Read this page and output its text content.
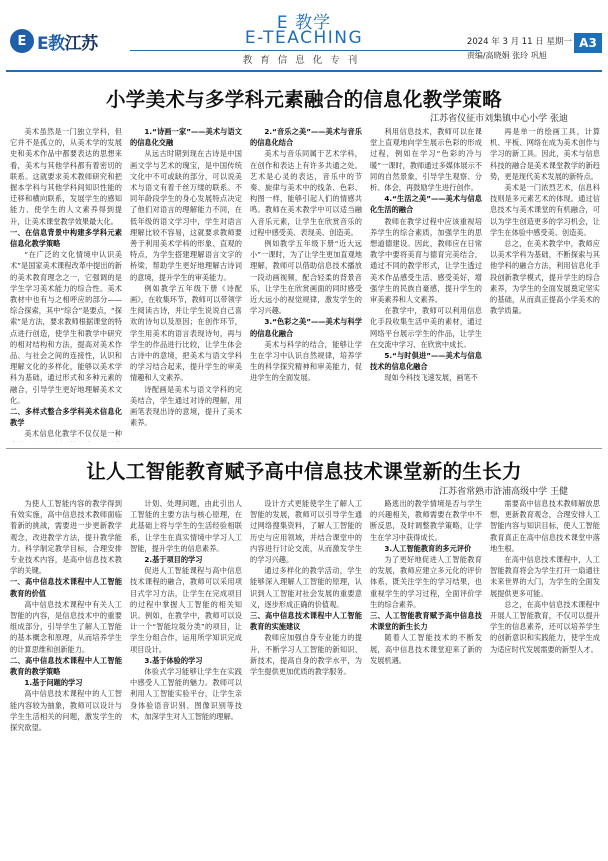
E E教江苏
E 教学
E-TEACHING
教育信息化专刊
2024 年 3 月 11 日 星期一
责编/高晓娟 张玲 巩旭
A3
小学美术与多学科元素融合的信息化教学策略
江苏省仪征市刘集镇中心小学 张迪

美术虽然是一门独立学科，但它并不是孤立的，从美术学的发展史和美术作品中都要表达的思想来看，美术与其他学科都有着密切的联系。这就要求美术教师研究和把握本学科与其他学科间知识性能的迁移和横向联系，发展学生的感知能力、使学生的人文素养得到提升，让美术课堂教学效果最大化。

一、在信息背景中构建多学科元素信息化教学策略

“在广泛的文化情境中认识美术”是国家美术课程改革中提出的新的美术教育理念之一，它强调的是学生学习美术能力的综合性。美术教材中也有与之相呼应的部分——综合探索，其中“综合”是要点，“探索”是方法，要求教师根据课堂的特点进行创造，使学生和教学中研究的相对结构和方法，提高对美术作品、与社会之间的连接性，认识和理解文化的多样化，能够以美术学科为基础，通过形式和多种元素的融合，引导学生更好地理解美术文化。

二、多样式整合多学科美术信息化教学

美术信息化教学不仅仅是一种

1.“诗画一家”——美术与语文的信息化交融

从远古时期到现在古诗是中国画文学与艺术的瑰宝，是中国传统文化中不可或缺的部分，可以说美术与语文有着千丝万缕的联系。不同年龄段学生的身心发展特点决定了他们对语言的理解能力不同，在低年级的语文学习中，学生对语言理解比较不容易，这就要求教师要善于利用美术学科的形象、直观的特点，为学生搭建理解语言文字的桥梁，帮助学生更好地理解古诗词的意境，提升学生的审美能力。

例如教学五年级下册《诗配画》，在收集环节，教师可以带领学生阅读古诗，并让学生说说自己喜欢的诗句以及原因；在创作环节，学生用美术的语言表现诗句，再与学生的作品进行比较，让学生体会古诗中的意境，把美术与语文学科的学习结合起来，提升学生的审美情趣和人文素养。

诗配画是美术与语文学科的完美结合，学生通过对诗的理解，用画笔表现出诗的意境，提升了美术素养。

2.“音乐之美”——美术与音乐的信息化结合

美术与音乐同属于艺术学科，在创作和表达上有许多共通之处。艺术是心灵的表达，音乐中的节奏、旋律与美术中的线条、色彩、构图一样，能够引起人们的情感共鸣。教师在美术教学中可以适当融入音乐元素，让学生在欣赏音乐的过程中感受美、表现美、创造美。

例如教学五年级下册“近大远小”一课时，为了让学生更加直观地理解，教师可以借助信息技术播放一段动画视频，配合轻柔的背景音乐，让学生在欣赏画面的同时感受近大远小的视觉规律，激发学生的学习兴趣。

3.“色彩之美”——美术与科学的信息化融合

美术与科学的结合，能够让学生在学习中认识自然规律，培养学生的科学探究精神和审美能力，促进学生的全面发展。

利用信息技术，教师可以在课堂上直观地向学生展示色彩的形成过程，例如在学习“色彩的冷与暖”一课时，教师通过多媒体展示不同的自然景象，引导学生观察、分析、体会，再鼓励学生进行创作。

4.“生活之美”——美术与信息化生活的融合

教师在教学过程中应该重视培养学生的综合素质，加强学生的思想道德建设。因此，教师应在日常教学中要将美育与德育完美结合，通过不同的教学形式，让学生透过美术作品感受生活、感受美好，增强学生的民族自豪感，提升学生的审美素养和人文素养。

在教学中，教师可以利用信息化手段收集生活中美的素材，通过网络平台展示学生的作品，让学生在交流中学习、在欣赏中成长。

5.“与时俱进”——美术与信息技术的信息化融合

现如今科技飞速发展，画笔不

再是单一的绘画工具，计算机、平板、网络在成为美术创作与学习的新工具。因此，美术与信息科技的融合是美术课堂教学的新趋势，更是现代美术发展的新特点。

美术是一门浓烈艺术，信息科技则是多元素艺术的体现。通过信息技术与美术课堂的有机融合，可以为学生创造更多的学习机会，让学生在体验中感受美、创造美。

总之，在美术教学中，教师应以美术学科为基础，不断探索与其他学科的融合方法，利用信息化手段创新教学模式，提升学生的综合素养，为学生的全面发展奠定坚实的基础，从而真正提高小学美术的教学质量。

让人工智能教育赋予高中信息技术课堂新的生长力
江苏省常熟市浒浦高级中学 王健

为使人工智能内容的教学得到有效实施，高中信息技术教师面临着新的挑战，需要进一步更新教学观念，改进教学方法，提升教学能力。科学制定教学目标，合理安排专业技术内容，是高中信息技术教学的关键。

一、高中信息技术课程中人工智能教育的价值

高中信息技术课程中有关人工智能的内容，是信息技术中的重要组成部分，引导学生了解人工智能的基本概念和原理，从而培养学生的计算思维和创新能力。

二、高中信息技术课程中人工智能教育的教学策略

1.基于问题的学习

高中信息技术课程中的人工智能内容较为抽象，教师可以设计与学生生活相关的问题，激发学生的探究欲望。

计划、处理问题，由此引出人工智能的主要方法与核心原理，在此基础上将与学生的生活经验相联系，让学生在真实情境中学习人工智能，提升学生的信息素养。

2.基于项目的学习

促进人工智能课程与高中信息技术课程的融合，教师可以采用项目式学习方法，让学生在完成项目的过程中掌握人工智能的相关知识。例如，在教学中，教师可以设计一个“智能垃圾分类”的项目，让学生分组合作，运用所学知识完成项目设计。

3.基于体验的学习

体验式学习能够让学生在实践中感受人工智能的魅力。教师可以利用人工智能实验平台，让学生亲身体验语音识别、图像识别等技术，加深学生对人工智能的理解。

设计方式更能使学生了解人工智能的发展，教师可以引导学生通过网络搜集资料，了解人工智能的历史与应用领域，并结合课堂中的内容进行讨论交流，从而激发学生的学习兴趣。

通过多样化的教学活动，学生能够深入理解人工智能的原理，认识到人工智能对社会发展的重要意义，逐步形成正确的价值观。

三、高中信息技术课程中人工智能教育的实施建议

教师应加强自身专业能力的提升，不断学习人工智能的新知识、新技术，提高自身的教学水平，为学生提供更加优质的教学服务。

路逃出的教学情境是否与学生的兴趣相关，教师需要在教学中不断反思，及时调整教学策略，让学生在学习中获得成长。

3.人工智能教育的多元评价

为了更好地促进人工智能教育的发展，教师应建立多元化的评价体系，既关注学生的学习结果，也重视学生的学习过程，全面评价学生的综合素养。

三、人工智能教育赋予高中信息技术课堂的新生长力

随着人工智能技术的不断发展，高中信息技术课堂迎来了新的发展机遇。

需要高中信息技术教师解放思想，更新教育观念，合理安排人工智能内容与知识目标，使人工智能教育真正在高中信息技术课堂中落地生根。

在高中信息技术课程中，人工智能教育将会为学生打开一扇通往未来世界的大门，为学生的全面发展提供更多可能。

总之，在高中信息技术课程中开展人工智能教育，不仅可以提升学生的信息素养，还可以培养学生的创新意识和实践能力，使学生成为适应时代发展需要的新型人才。
